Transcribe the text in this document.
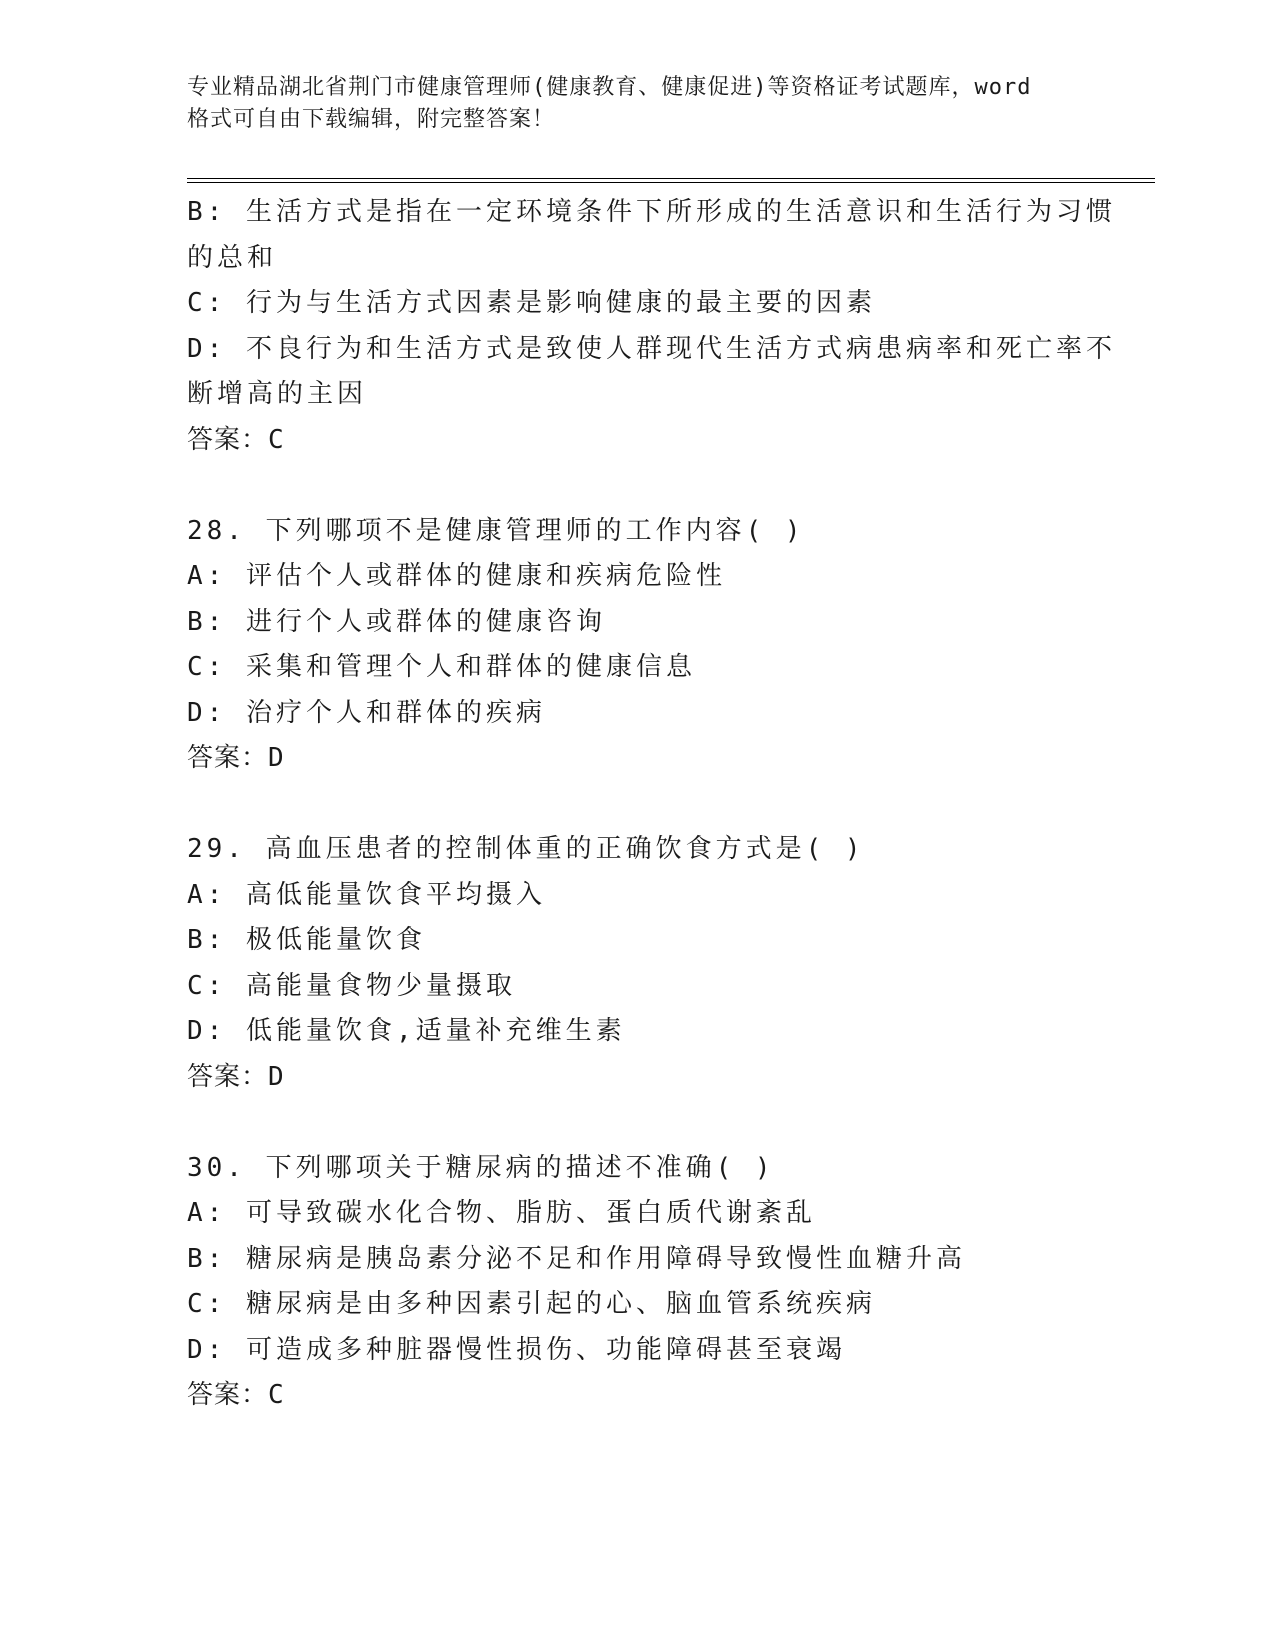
专业精品湖北省荆门市健康管理师(健康教育、健康促进)等资格证考试题库，word
格式可自由下载编辑，附完整答案！
B: 生活方式是指在一定环境条件下所形成的生活意识和生活行为习惯
的总和
C: 行为与生活方式因素是影响健康的最主要的因素
D: 不良行为和生活方式是致使人群现代生活方式病患病率和死亡率不
断增高的主因
答案：C
28. 下列哪项不是健康管理师的工作内容( )
A: 评估个人或群体的健康和疾病危险性
B: 进行个人或群体的健康咨询
C: 采集和管理个人和群体的健康信息
D: 治疗个人和群体的疾病
答案：D
29. 高血压患者的控制体重的正确饮食方式是( )
A: 高低能量饮食平均摄入
B: 极低能量饮食
C: 高能量食物少量摄取
D: 低能量饮食,适量补充维生素
答案：D
30. 下列哪项关于糖尿病的描述不准确( )
A: 可导致碳水化合物、脂肪、蛋白质代谢紊乱
B: 糖尿病是胰岛素分泌不足和作用障碍导致慢性血糖升高
C: 糖尿病是由多种因素引起的心、脑血管系统疾病
D: 可造成多种脏器慢性损伤、功能障碍甚至衰竭
答案：C
